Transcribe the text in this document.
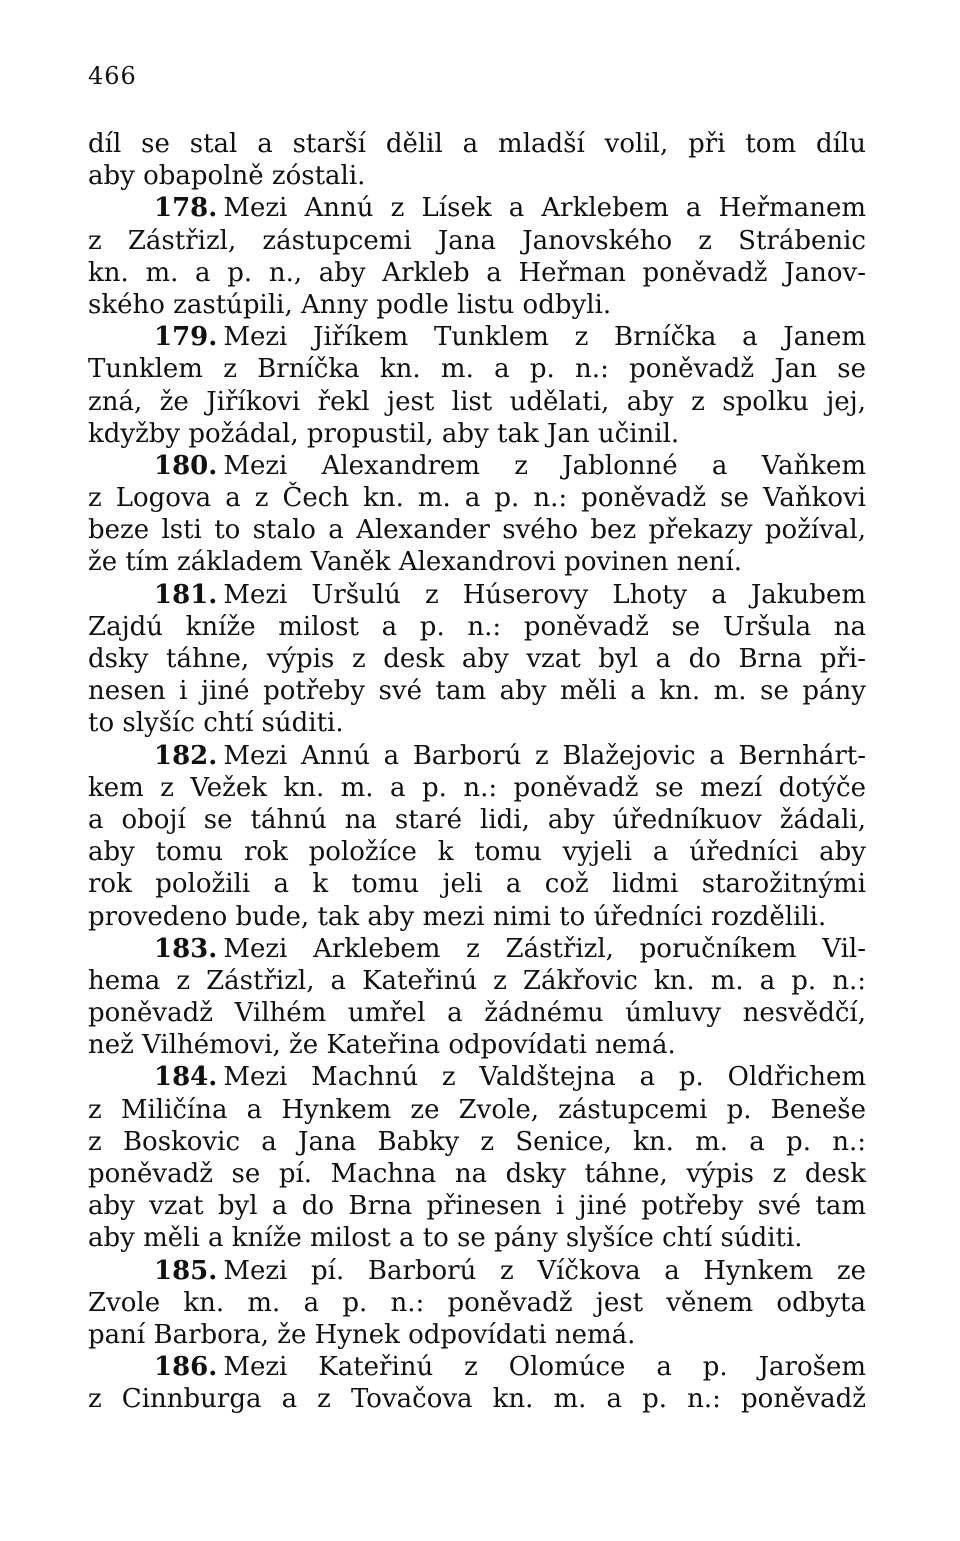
466
díl se stal a starší dělil a mladší volil, při tom dílu
aby obapolně zóstali.
178. Mezi Annú z Lísek a Arklebem a Heřmanem
z Zástřizl, zástupcemi Jana Janovského z Strábenic
kn. m. a p. n., aby Arkleb a Heřman poněvadž Janov-
ského zastúpili, Anny podle listu odbyli.
179. Mezi Jiříkem Tunklem z Brníčka a Janem
Tunklem z Brníčka kn. m. a p. n.: poněvadž Jan se
zná, že Jiříkovi řekl jest list udělati, aby z spolku jej,
kdyžby požádal, propustil, aby tak Jan učinil.
180. Mezi Alexandrem z Jablonné a Vaňkem
z Logova a z Čech kn. m. a p. n.: poněvadž se Vaňkovi
beze lsti to stalo a Alexander svého bez překazy požíval,
že tím základem Vaněk Alexandrovi povinen není.
181. Mezi Uršulú z Húserovy Lhoty a Jakubem
Zajdú kníže milost a p. n.: poněvadž se Uršula na
dsky táhne, výpis z desk aby vzat byl a do Brna při-
nesen i jiné potřeby své tam aby měli a kn. m. se pány
to slyšíc chtí súditi.
182. Mezi Annú a Barború z Blažejovic a Bernhárt-
kem z Vežek kn. m. a p. n.: poněvadž se mezí dotýče
a obojí se táhnú na staré lidi, aby úředníkuov žádali,
aby tomu rok položíce k tomu vyjeli a úředníci aby
rok položili a k tomu jeli a což lidmi starožitnými
provedeno bude, tak aby mezi nimi to úředníci rozdělili.
183. Mezi Arklebem z Zástřizl, poručníkem Vil-
hema z Zástřizl, a Kateřinú z Zákřovic kn. m. a p. n.:
poněvadž Vilhém umřel a žádnému úmluvy nesvědčí,
než Vilhémovi, že Kateřina odpovídati nemá.
184. Mezi Machnú z Valdštejna a p. Oldřichem
z Miličína a Hynkem ze Zvole, zástupcemi p. Beneše
z Boskovic a Jana Babky z Senice, kn. m. a p. n.:
poněvadž se pí. Machna na dsky táhne, výpis z desk
aby vzat byl a do Brna přinesen i jiné potřeby své tam
aby měli a kníže milost a to se pány slyšíce chtí súditi.
185. Mezi pí. Barború z Víčkova a Hynkem ze
Zvole kn. m. a p. n.: poněvadž jest věnem odbyta
paní Barbora, že Hynek odpovídati nemá.
186. Mezi Kateřinú z Olomúce a p. Jarošem
z Cinnburga a z Tovačova kn. m. a p. n.: poněvadž
